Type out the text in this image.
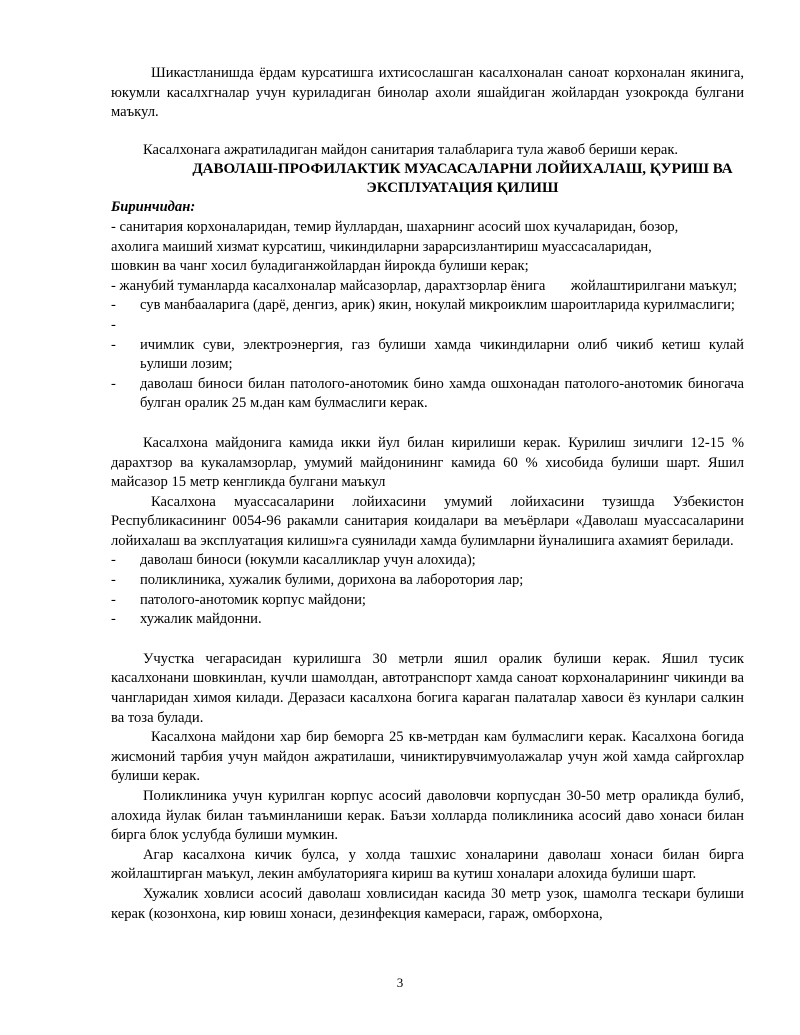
Шикастланишда ёрдам курсатишга ихтисослашган касалхоналан саноат корхоналан якинига, юкумли касалхгналар учун куриладиган бинолар ахоли яшайдиган жойлардан узокрокда булгани маъкул.

Касалхонага ажратиладиган майдон санитария талабларига тула жавоб бериши керак.

ДАВОЛАШ-ПРОФИЛАКТИК МУАСАСАЛАРНИ ЛОЙИХАЛАШ, ҚУРИШ ВА ЭКСПЛУАТАЦИЯ ҚИЛИШ

Биринчидан:

- санитария корхоналаридан, темир йуллардан, шахарнинг асосий шох кучаларидан, бозор,

ахолига маиший хизмат курсатиш, чикиндиларни зарарсизлантириш муассасаларидан,

шовкин ва чанг хосил буладиганжойлардан йирокда булиши керак;

- жанубий туманларда касалхоналар майсазорлар, дарахтзорлар ёнига       жойлаштирилгани маъкул;

- сув манбааларига (дарё, денгиз, арик) якин, нокулай микроиклим шароитларида курилмаслиги;
-
- ичимлик суви, электроэнергия, газ булиши хамда чикиндиларни олиб чикиб кетиш кулай ьулиши лозим;
- даволаш биноси билан патолого-анотомик бино хамда ошхонадан патолого-анотомик биногача булган оралик 25 м.дан кам булмаслиги керак.

Касалхона майдонига камида икки йул билан кирилиши керак. Курилиш зичлиги 12-15 % дарахтзор ва кукаламзорлар, умумий майдонининг камида 60 % хисобида булиши шарт. Яшил майсазор 15 метр кенгликда булгани маъкул

Касалхона муассасаларини лойихасини умумий лойихасини тузишда Узбекистон Республикасининг 0054-96 ракамли санитария коидалари ва меъёрлари «Даволаш муассасаларини лойихалаш ва эксплуатация килиш»га суянилади хамда булимларни йуналишига ахамият берилади.

- даволаш биноси (юкумли касалликлар учун алохида);
- поликлиника, хужалик булими, дорихона ва лаборотория лар;
- патолого-анотомик корпус майдони;
- хужалик майдонни.

Учуcтка чегарасидан курилишга 30 метрли яшил оралик булиши керак. Яшил тусик касалхонани шовкинлан, кучли шамолдан, автотранспорт хамда саноат корхоналарининг чикинди ва чангларидан химоя килади. Деразаси касалхона богига караган палаталар хавоси ёз кунлари салкин ва тоза булади.

Касалхона майдони хар бир беморга 25 кв-метрдан кам булмаслиги керак. Касалхона богида жисмоний тарбия учун майдон ажратилаши, чиниктирувчимуолажалар учун жой хамда сайргохлар булиши керак.

Поликлиника учун курилган корпус асосий даволовчи корпусдан 30-50 метр ораликда булиб, алохида йулак билан таъминланиши керак. Баъзи холларда поликлиника асосий даво хонаси билан бирга блок услубда булиши мумкин.

Агар касалхона кичик булса, у холда ташхис хоналарини даволаш хонаси билан бирга жойлаштирган маъкул, лекин амбулаторияга кириш ва кутиш хоналари алохида булиши шарт.

Хужалик ховлиси асосий даволаш ховлисидан касида 30 метр узок, шамолга тескари булиши керак (козонхона, кир ювиш хонаси, дезинфекция камераси, гараж, омборхона,

3
